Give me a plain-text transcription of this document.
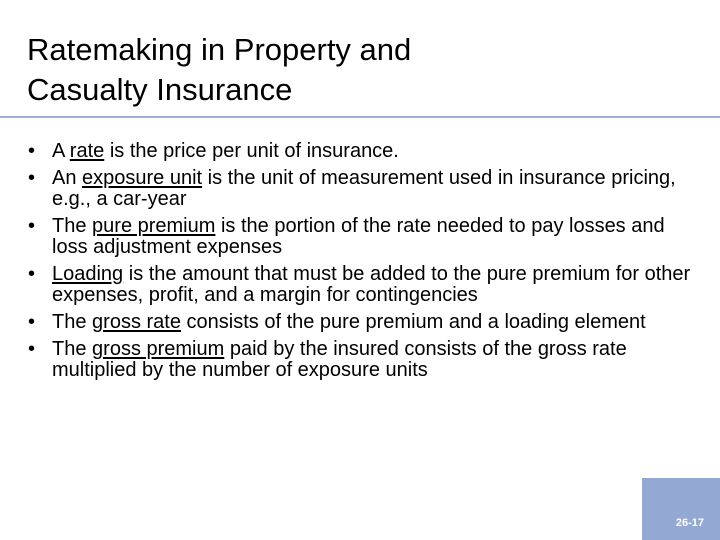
Ratemaking in Property and
Casualty Insurance
• A rate is the price per unit of insurance.
• An exposure unit is the unit of measurement used in insurance pricing, e.g., a car-year
• The pure premium is the portion of the rate needed to pay losses and loss adjustment expenses
• Loading is the amount that must be added to the pure premium for other expenses, profit, and a margin for contingencies
• The gross rate consists of the pure premium and a loading element
• The gross premium paid by the insured consists of the gross rate multiplied by the number of exposure units
26-17
